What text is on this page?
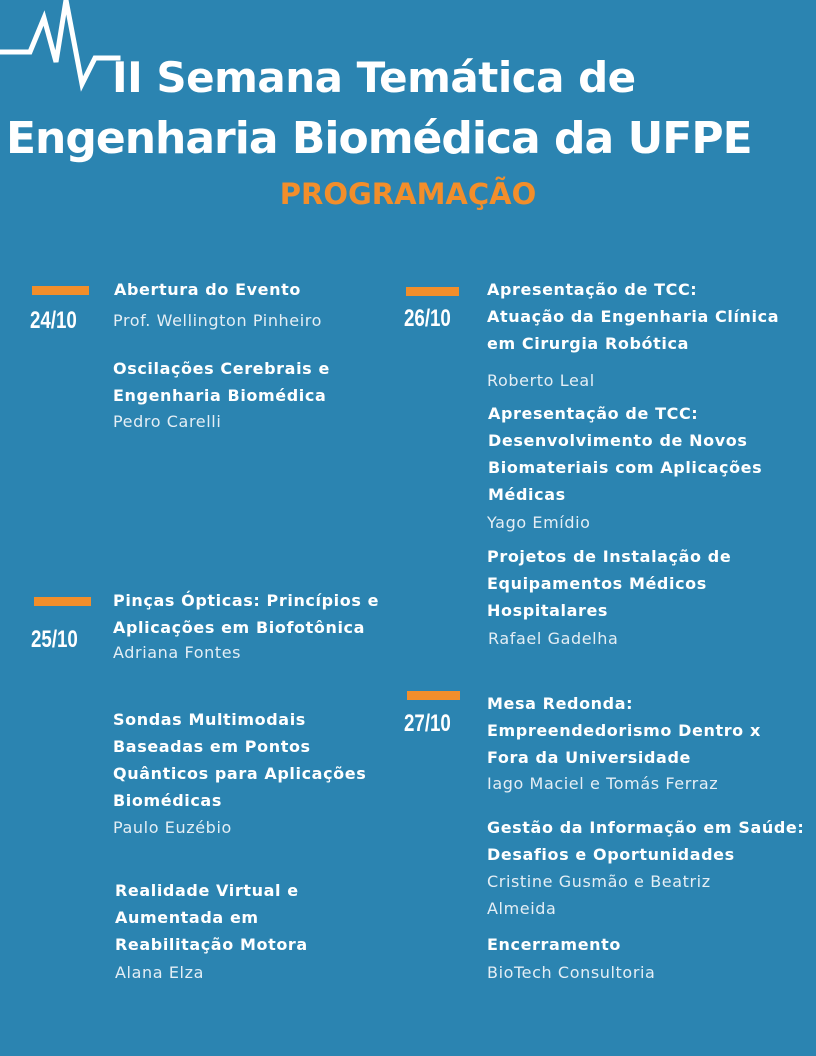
II Semana Temática de
Engenharia Biomédica da UFPE
PROGRAMAÇÃO
24/10
Abertura do Evento
Prof. Wellington Pinheiro
Oscilações Cerebrais e
Engenharia Biomédica
Pedro Carelli
25/10
Pinças Ópticas: Princípios e
Aplicações em Biofotônica
Adriana Fontes
Sondas Multimodais
Baseadas em Pontos
Quânticos para Aplicações
Biomédicas
Paulo Euzébio
Realidade Virtual e
Aumentada em
Reabilitação Motora
Alana Elza
26/10
Apresentação de TCC:
Atuação da Engenharia Clínica
em Cirurgia Robótica
Roberto Leal
Apresentação de TCC:
Desenvolvimento de Novos
Biomateriais com Aplicações
Médicas
Yago Emídio
Projetos de Instalação de
Equipamentos Médicos
Hospitalares
Rafael Gadelha
27/10
Mesa Redonda:
Empreendedorismo Dentro x
Fora da Universidade
Iago Maciel e Tomás Ferraz
Gestão da Informação em Saúde:
Desafios e Oportunidades
Cristine Gusmão e Beatriz
Almeida
Encerramento
BioTech Consultoria
